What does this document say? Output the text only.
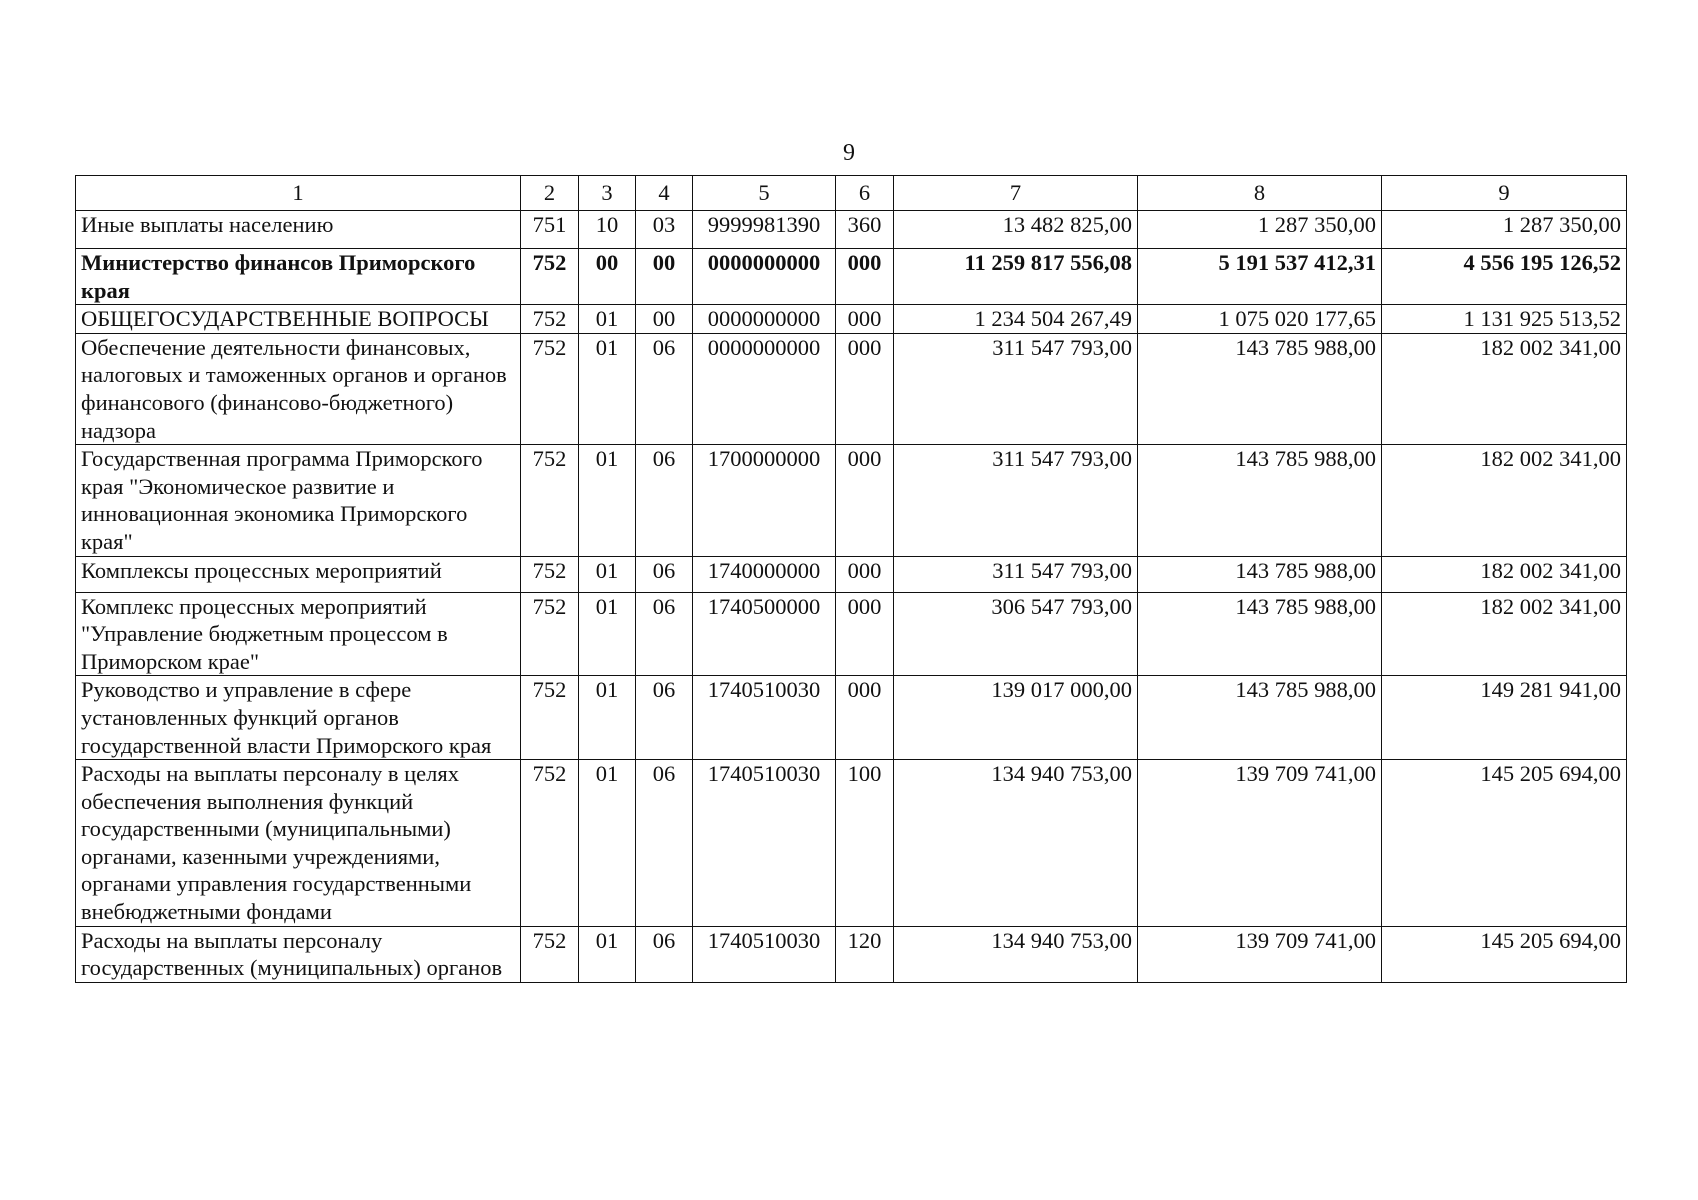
9
1	2	3	4	5	6	7	8	9
Иные выплаты населению	751	10	03	9999981390	360	13 482 825,00	1 287 350,00	1 287 350,00
Министерство финансов Приморского края	752	00	00	0000000000	000	11 259 817 556,08	5 191 537 412,31	4 556 195 126,52
ОБЩЕГОСУДАРСТВЕННЫЕ ВОПРОСЫ	752	01	00	0000000000	000	1 234 504 267,49	1 075 020 177,65	1 131 925 513,52
Обеспечение деятельности финансовых, налоговых и таможенных органов и органов финансового (финансово-бюджетного) надзора	752	01	06	0000000000	000	311 547 793,00	143 785 988,00	182 002 341,00
Государственная программа Приморского края "Экономическое развитие и инновационная экономика Приморского края"	752	01	06	1700000000	000	311 547 793,00	143 785 988,00	182 002 341,00
Комплексы процессных мероприятий	752	01	06	1740000000	000	311 547 793,00	143 785 988,00	182 002 341,00
Комплекс процессных мероприятий "Управление бюджетным процессом в Приморском крае"	752	01	06	1740500000	000	306 547 793,00	143 785 988,00	182 002 341,00
Руководство и управление в сфере установленных функций органов государственной власти Приморского края	752	01	06	1740510030	000	139 017 000,00	143 785 988,00	149 281 941,00
Расходы на выплаты персоналу в целях обеспечения выполнения функций государственными (муниципальными) органами, казенными учреждениями, органами управления государственными внебюджетными фондами	752	01	06	1740510030	100	134 940 753,00	139 709 741,00	145 205 694,00
Расходы на выплаты персоналу государственных (муниципальных) органов	752	01	06	1740510030	120	134 940 753,00	139 709 741,00	145 205 694,00
